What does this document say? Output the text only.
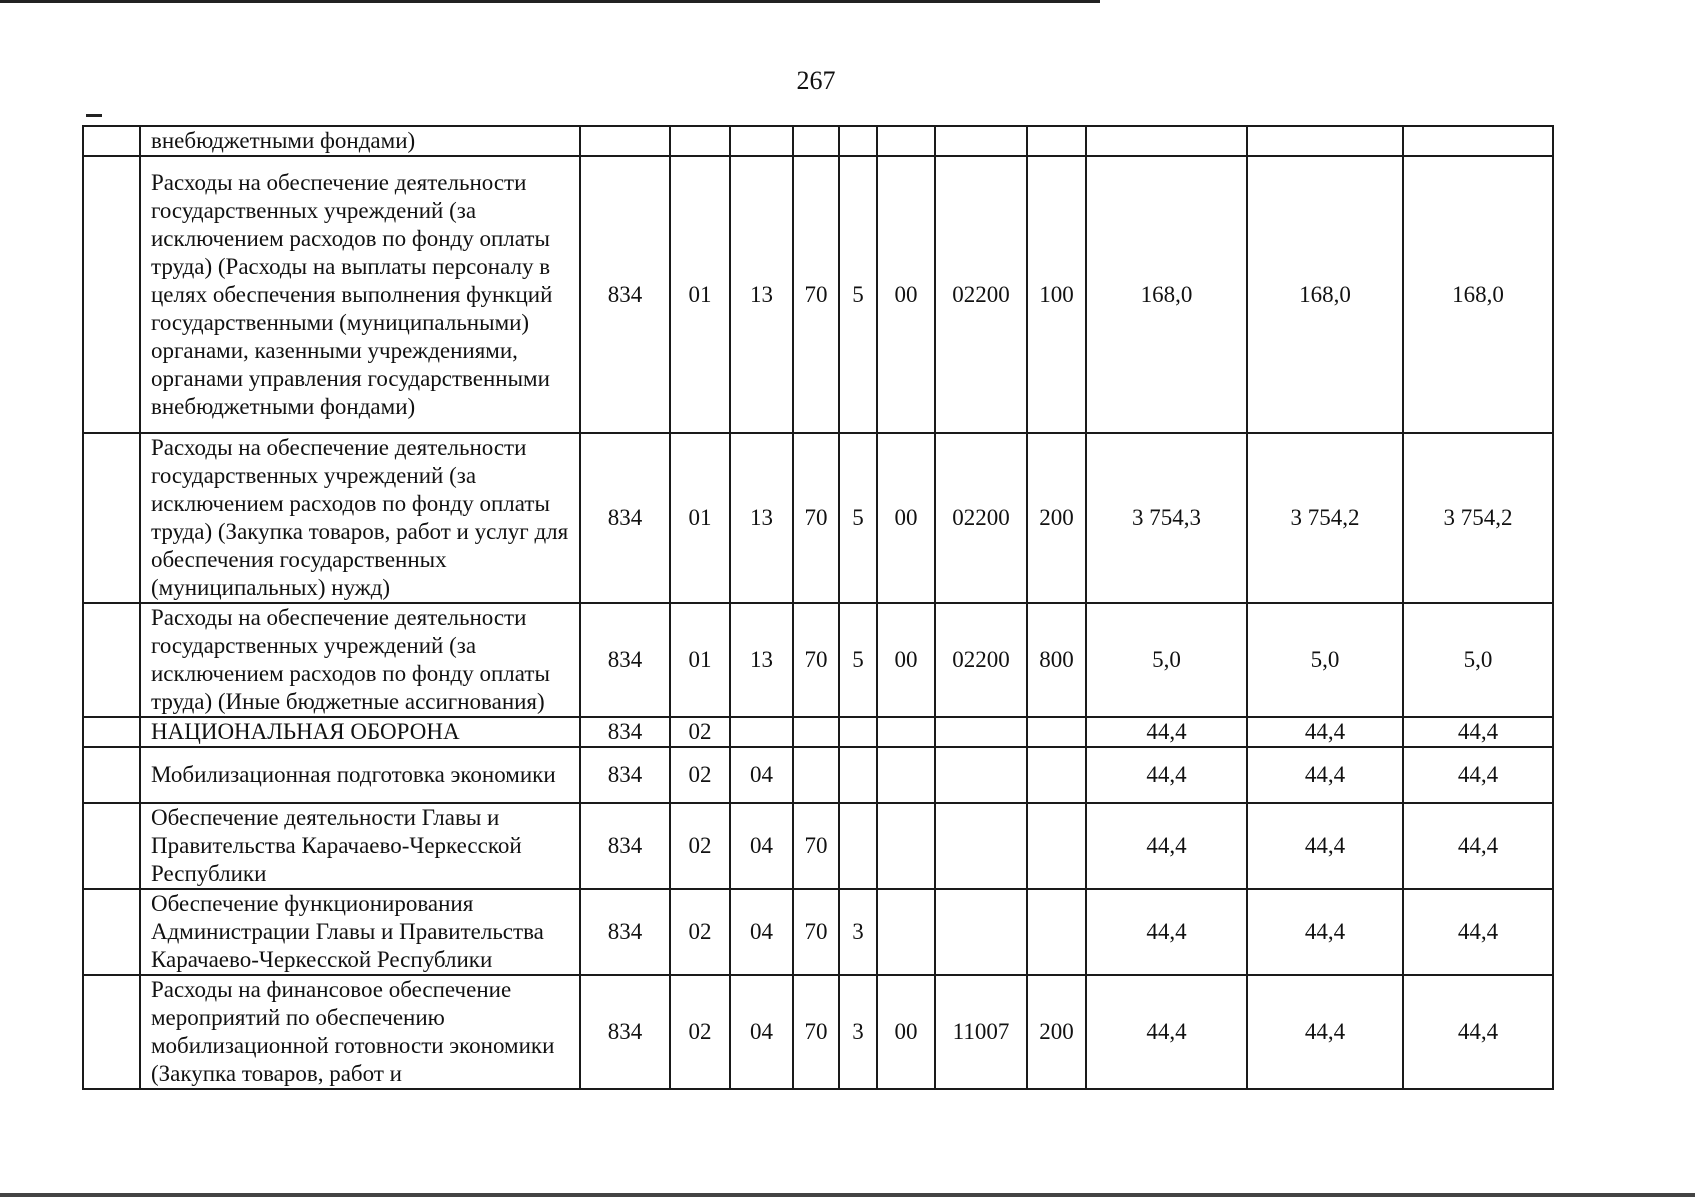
267
	внебюджетными фондами)											
	Расходы на обеспечение деятельности государственных учреждений (за исключением расходов по фонду оплаты труда) (Расходы на выплаты персоналу в целях обеспечения выполнения функций государственными (муниципальными) органами, казенными учреждениями, органами управления государственными внебюджетными фондами)	834	01	13	70	5	00	02200	100	168,0	168,0	168,0
	Расходы на обеспечение деятельности государственных учреждений (за исключением расходов по фонду оплаты труда) (Закупка товаров, работ и услуг для обеспечения государственных (муниципальных) нужд)	834	01	13	70	5	00	02200	200	3 754,3	3 754,2	3 754,2
	Расходы на обеспечение деятельности государственных учреждений (за исключением расходов по фонду оплаты труда) (Иные бюджетные ассигнования)	834	01	13	70	5	00	02200	800	5,0	5,0	5,0
	НАЦИОНАЛЬНАЯ ОБОРОНА	834	02							44,4	44,4	44,4
	Мобилизационная подготовка экономики	834	02	04						44,4	44,4	44,4
	Обеспечение деятельности Главы и Правительства Карачаево-Черкесской Республики	834	02	04	70					44,4	44,4	44,4
	Обеспечение функционирования Администрации Главы и Правительства Карачаево-Черкесской Республики	834	02	04	70	3				44,4	44,4	44,4
	Расходы на финансовое обеспечение мероприятий по обеспечению мобилизационной готовности экономики (Закупка товаров, работ и	834	02	04	70	3	00	11007	200	44,4	44,4	44,4
